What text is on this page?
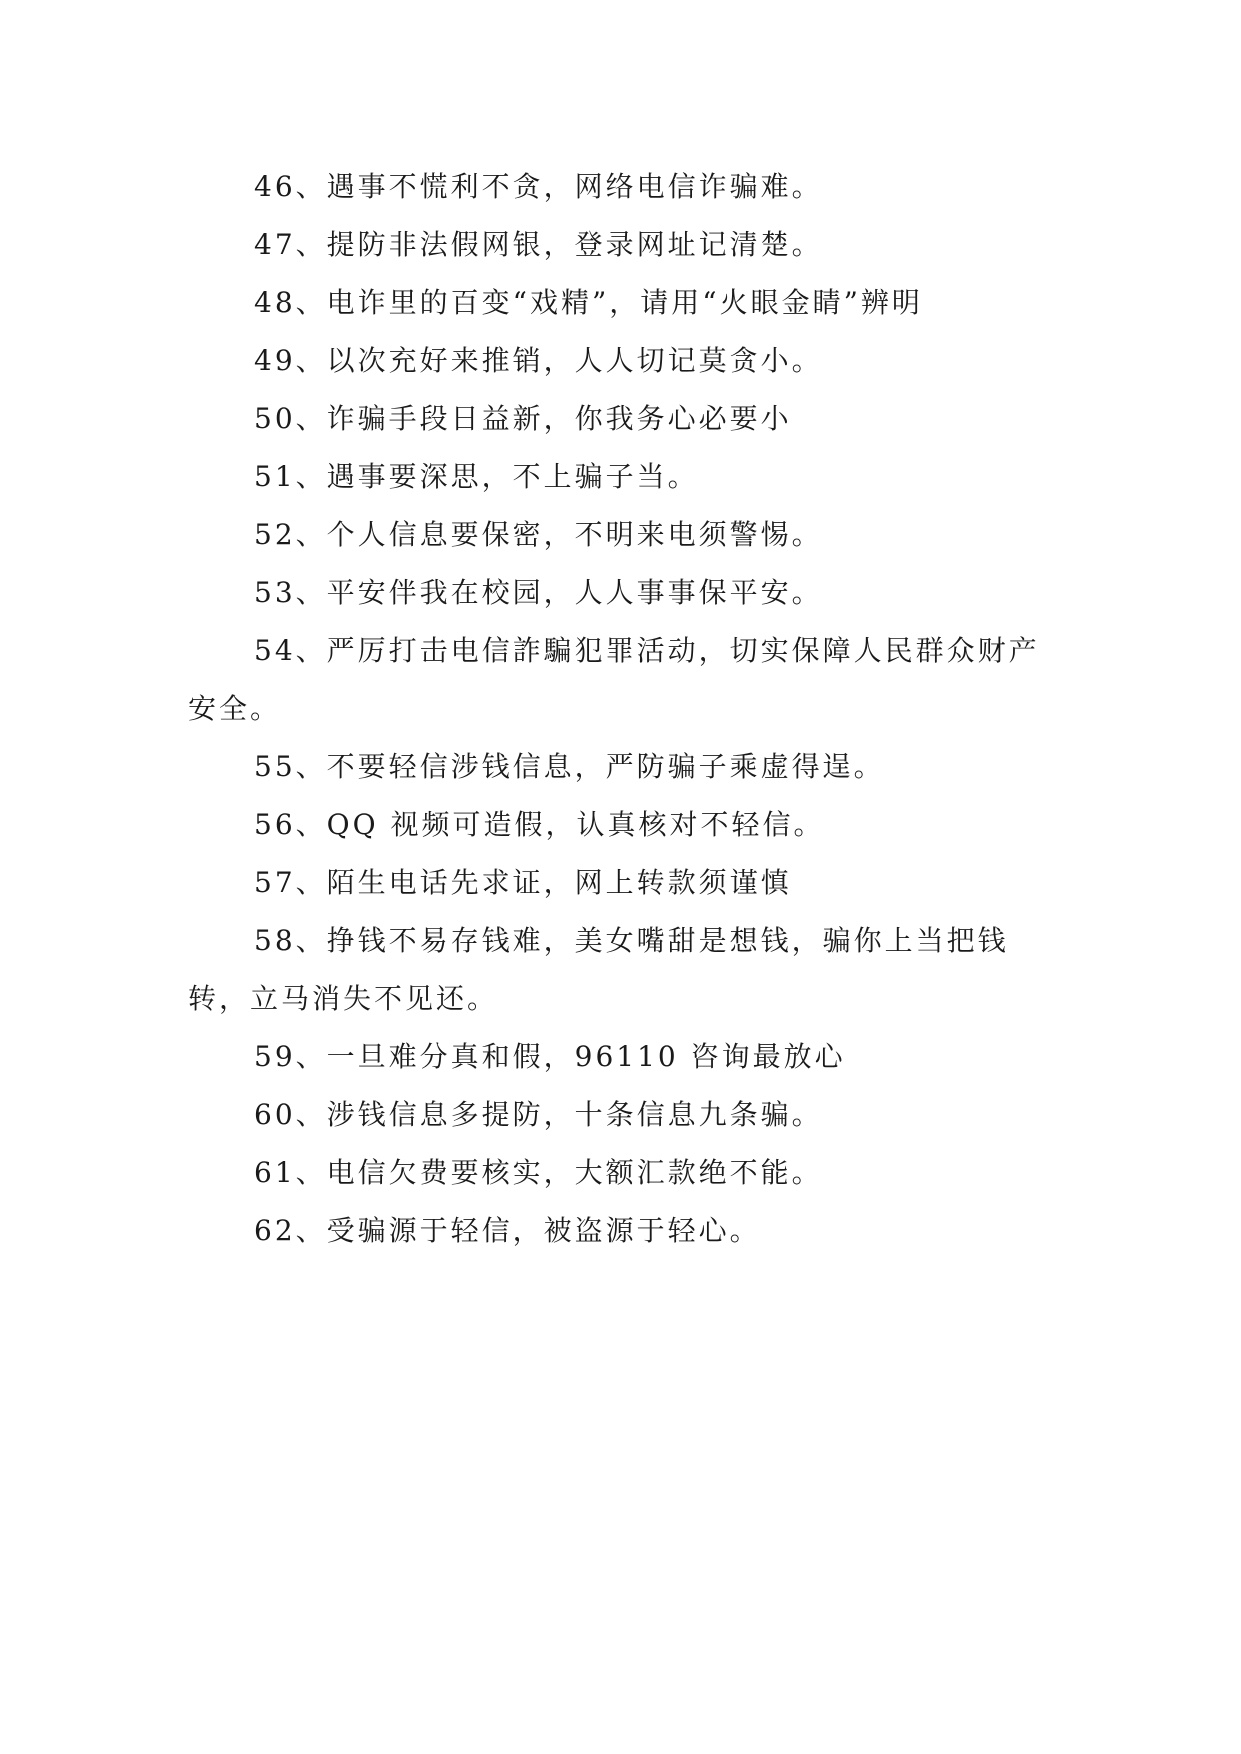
46、遇事不慌利不贪，网络电信诈骗难。

47、提防非法假网银，登录网址记清楚。

48、电诈里的百变“戏精”，请用“火眼金睛”辨明

49、以次充好来推销，人人切记莫贪小。

50、诈骗手段日益新，你我务心必要小

51、遇事要深思，不上骗子当。

52、个人信息要保密，不明来电须警惕。

53、平安伴我在校园，人人事事保平安。

54、严厉打击电信詐騙犯罪活动，切实保障人民群众财产安全。

55、不要轻信涉钱信息，严防骗子乘虚得逞。

56、QQ 视频可造假，认真核对不轻信。

57、陌生电话先求证，网上转款须谨慎

58、挣钱不易存钱难，美女嘴甜是想钱，骗你上当把钱转，立马消失不见还。

59、一旦难分真和假，96110 咨询最放心

60、涉钱信息多提防，十条信息九条骗。

61、电信欠费要核实，大额汇款绝不能。

62、受骗源于轻信，被盗源于轻心。
